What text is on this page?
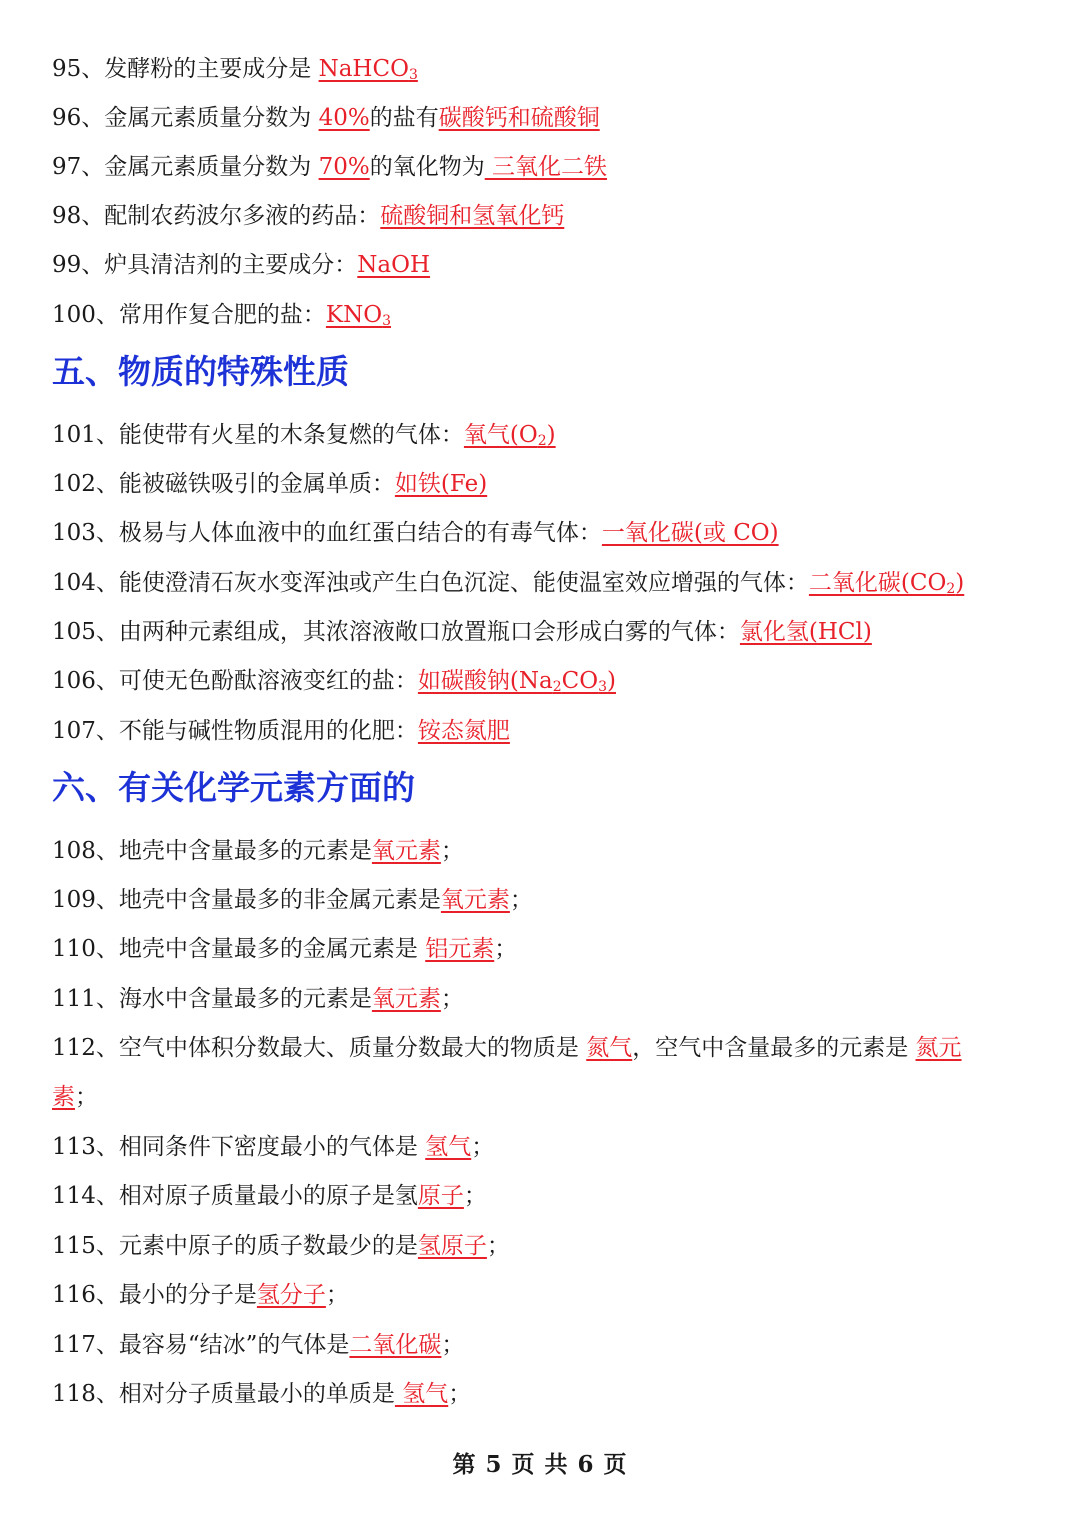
95、发酵粉的主要成分是 NaHCO$_3$
96、金属元素质量分数为 40%的盐有碳酸钙和硫酸铜
97、金属元素质量分数为 70%的氧化物为 三氧化二铁
98、配制农药波尔多液的药品：硫酸铜和氢氧化钙
99、炉具清洁剂的主要成分：NaOH
100、常用作复合肥的盐：$KNO_3$
五、物质的特殊性质
101、能使带有火星的木条复燃的气体：氧气$(O_2)$
102、能被磁铁吸引的金属单质：如铁(Fe)
103、极易与人体血液中的血红蛋白结合的有毒气体：一氧化碳(或 CO)
104、能使澄清石灰水变浑浊或产生白色沉淀、能使温室效应增强的气体：二氧化碳$(CO_2)$
105、由两种元素组成，其浓溶液敞口放置瓶口会形成白雾的气体：氯化氢(HCl)
106、可使无色酚酞溶液变红的盐：如碳酸钠$(Na_2CO_3)$
107、不能与碱性物质混用的化肥：铵态氮肥
六、有关化学元素方面的
108、地壳中含量最多的元素是氧元素；
109、地壳中含量最多的非金属元素是氧元素；
110、地壳中含量最多的金属元素是 铝元素；
111、海水中含量最多的元素是氧元素；
112、空气中体积分数最大、质量分数最大的物质是 氮气，空气中含量最多的元素是 氮元
素；
113、相同条件下密度最小的气体是 氢气；
114、相对原子质量最小的原子是氢原子；
115、元素中原子的质子数最少的是氢原子；
116、最小的分子是氢分子；
117、最容易“结冰”的气体是二氧化碳；
118、相对分子质量最小的单质是 氢气；
第 5 页 共 6 页
